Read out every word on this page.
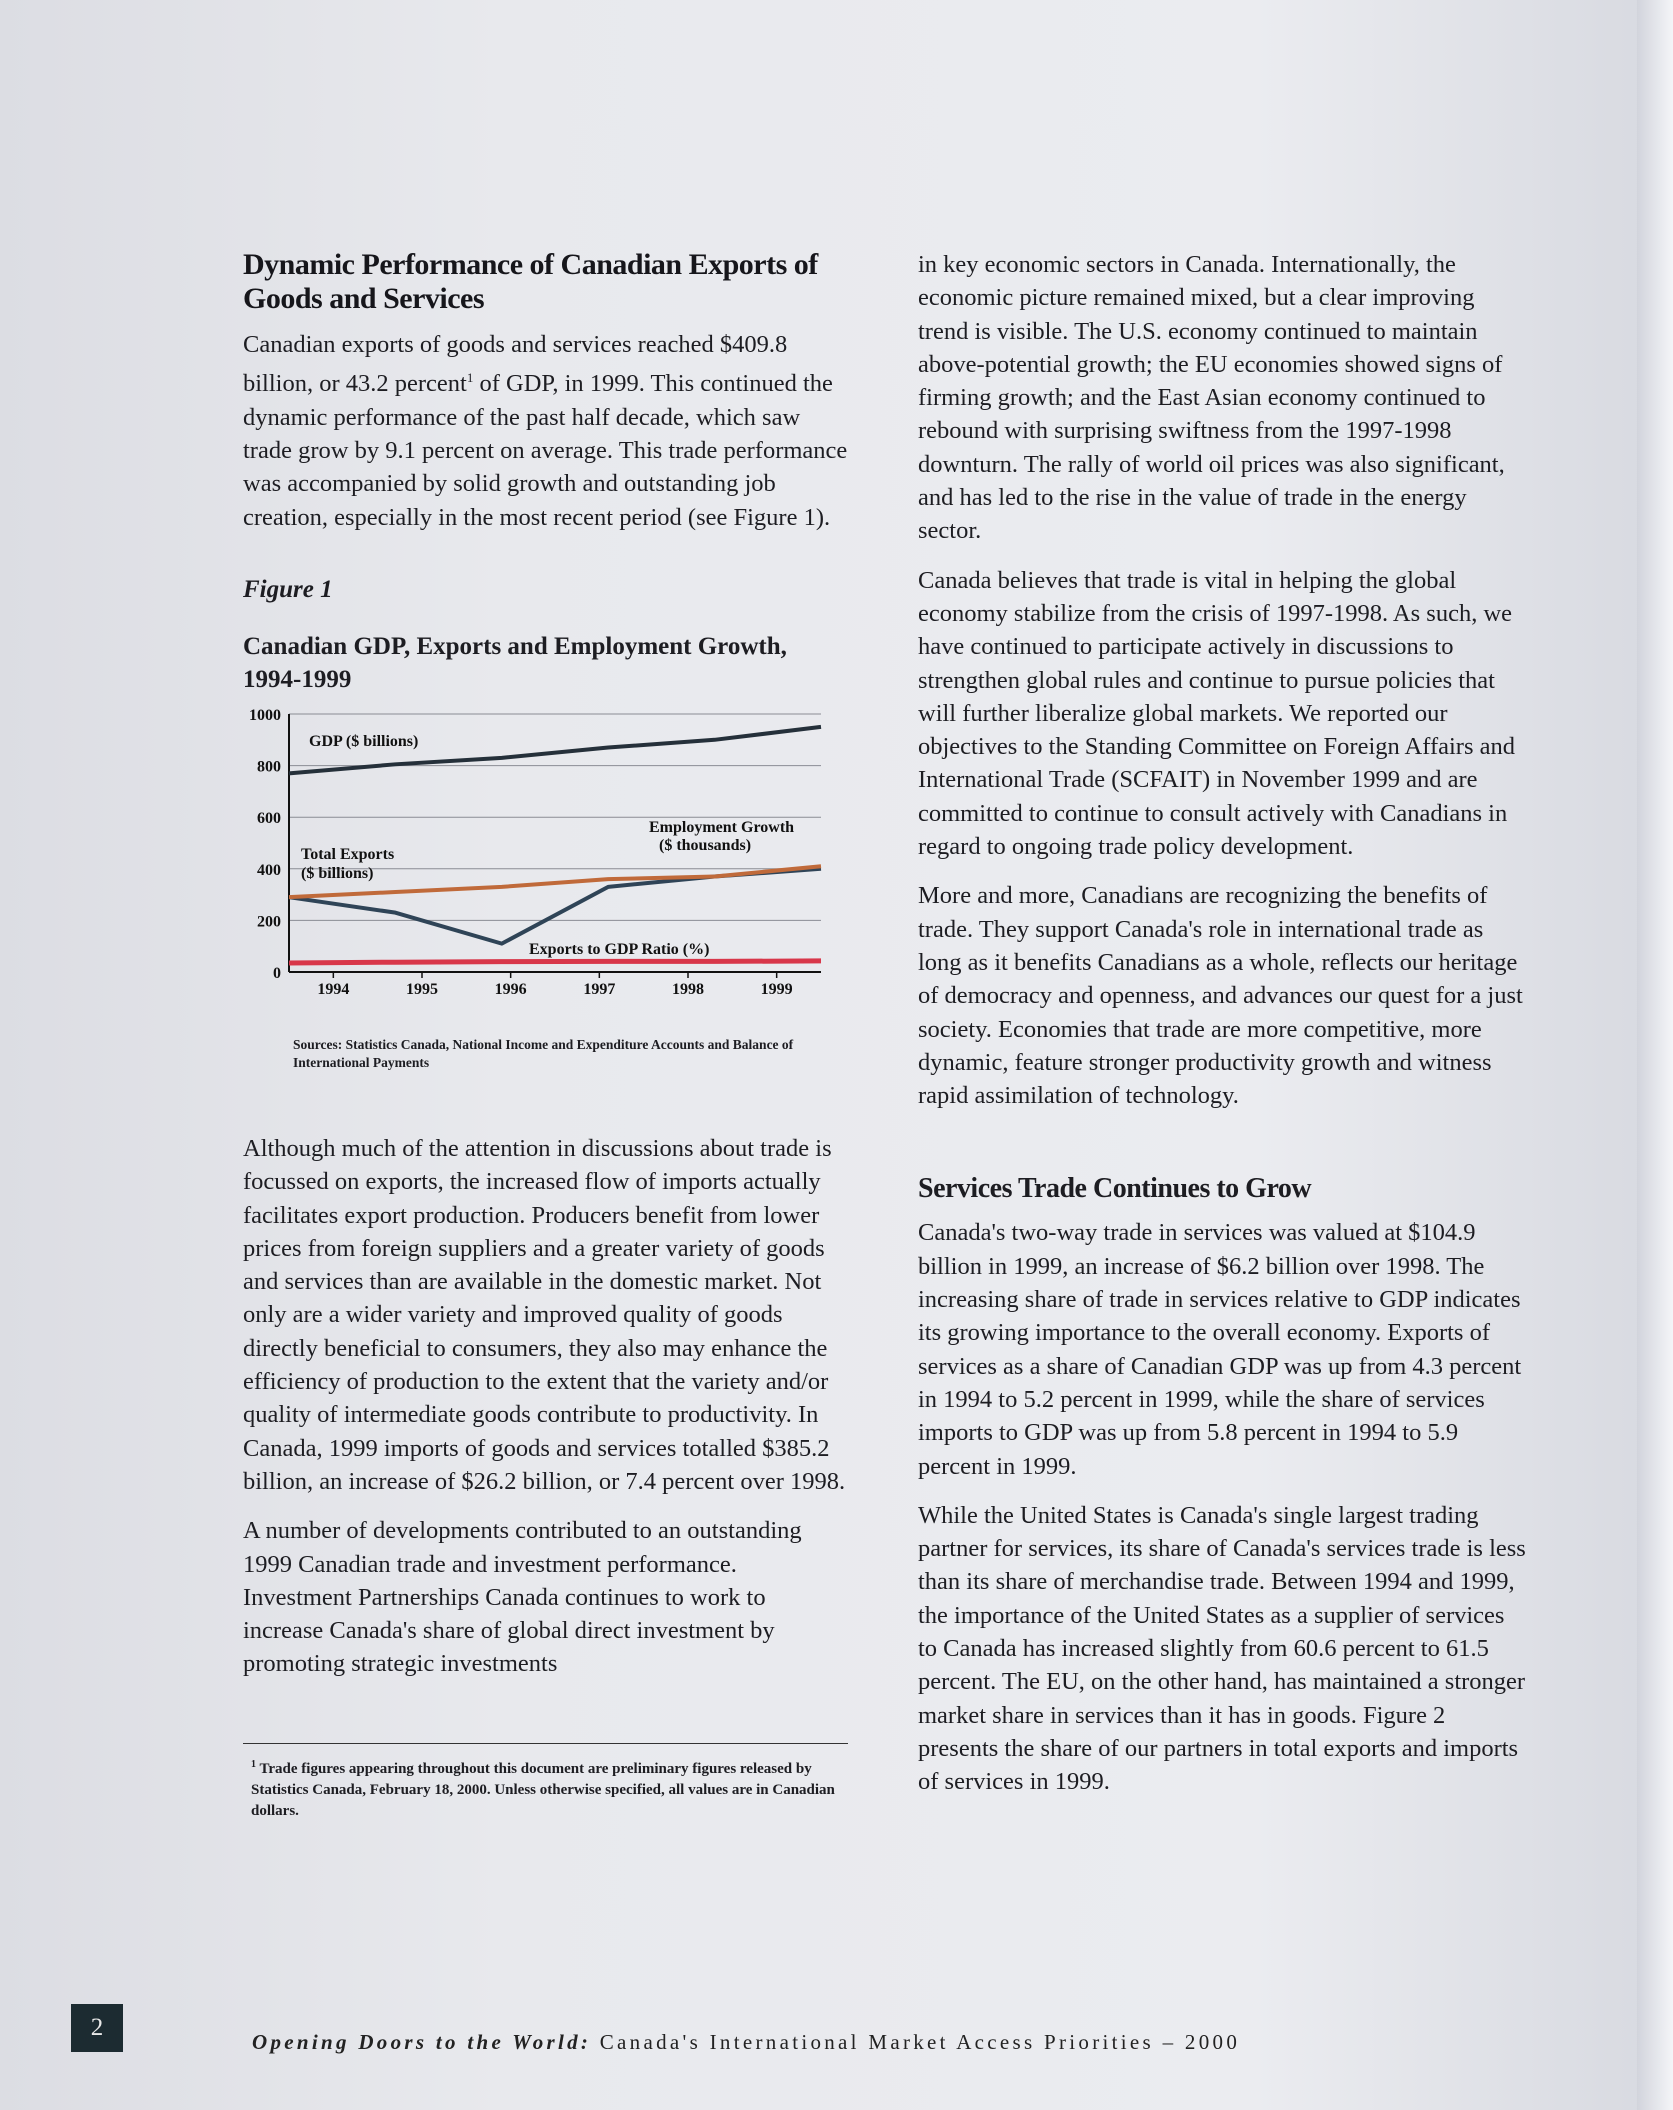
Dynamic Performance of Canadian Exports of Goods and Services

Canadian exports of goods and services reached $409.8 billion, or 43.2 percent$^1$ of GDP, in 1999. This continued the dynamic performance of the past half decade, which saw trade grow by 9.1 percent on average. This trade performance was accompanied by solid growth and outstanding job creation, especially in the most recent period (see Figure 1).

Figure 1
Canadian GDP, Exports and Employment Growth, 1994-1999
0
200
400
600
800
1000
1994	1995	1996	1997	1998	1999
GDP ($ billions)
Employment Growth
($ thousands)
Total Exports
($ billions)
Exports to GDP Ratio (%)
Sources: Statistics Canada, National Income and Expenditure Accounts and Balance of International Payments

Although much of the attention in discussions about trade is focussed on exports, the increased flow of imports actually facilitates export production. Producers benefit from lower prices from foreign suppliers and a greater variety of goods and services than are available in the domestic market. Not only are a wider variety and improved quality of goods directly beneficial to consumers, they also may enhance the efficiency of production to the extent that the variety and/or quality of intermediate goods contribute to productivity. In Canada, 1999 imports of goods and services totalled $385.2 billion, an increase of $26.2 billion, or 7.4 percent over 1998.

A number of developments contributed to an outstanding 1999 Canadian trade and investment performance. Investment Partnerships Canada continues to work to increase Canada's share of global direct investment by promoting strategic investments

$^1$ Trade figures appearing throughout this document are preliminary figures released by Statistics Canada, February 18, 2000. Unless otherwise specified, all values are in Canadian dollars.

in key economic sectors in Canada. Internationally, the economic picture remained mixed, but a clear improving trend is visible. The U.S. economy continued to maintain above-potential growth; the EU economies showed signs of firming growth; and the East Asian economy continued to rebound with surprising swiftness from the 1997-1998 downturn. The rally of world oil prices was also significant, and has led to the rise in the value of trade in the energy sector.

Canada believes that trade is vital in helping the global economy stabilize from the crisis of 1997-1998. As such, we have continued to participate actively in discussions to strengthen global rules and continue to pursue policies that will further liberalize global markets. We reported our objectives to the Standing Committee on Foreign Affairs and International Trade (SCFAIT) in November 1999 and are committed to continue to consult actively with Canadians in regard to ongoing trade policy development.

More and more, Canadians are recognizing the benefits of trade. They support Canada's role in international trade as long as it benefits Canadians as a whole, reflects our heritage of democracy and openness, and advances our quest for a just society. Economies that trade are more competitive, more dynamic, feature stronger productivity growth and witness rapid assimilation of technology.

Services Trade Continues to Grow

Canada's two-way trade in services was valued at $104.9 billion in 1999, an increase of $6.2 billion over 1998. The increasing share of trade in services relative to GDP indicates its growing importance to the overall economy. Exports of services as a share of Canadian GDP was up from 4.3 percent in 1994 to 5.2 percent in 1999, while the share of services imports to GDP was up from 5.8 percent in 1994 to 5.9 percent in 1999.

While the United States is Canada's single largest trading partner for services, its share of Canada's services trade is less than its share of merchandise trade. Between 1994 and 1999, the importance of the United States as a supplier of services to Canada has increased slightly from 60.6 percent to 61.5 percent. The EU, on the other hand, has maintained a stronger market share in services than it has in goods. Figure 2 presents the share of our partners in total exports and imports of services in 1999.

2
Opening Doors to the World: Canada's International Market Access Priorities – 2000
